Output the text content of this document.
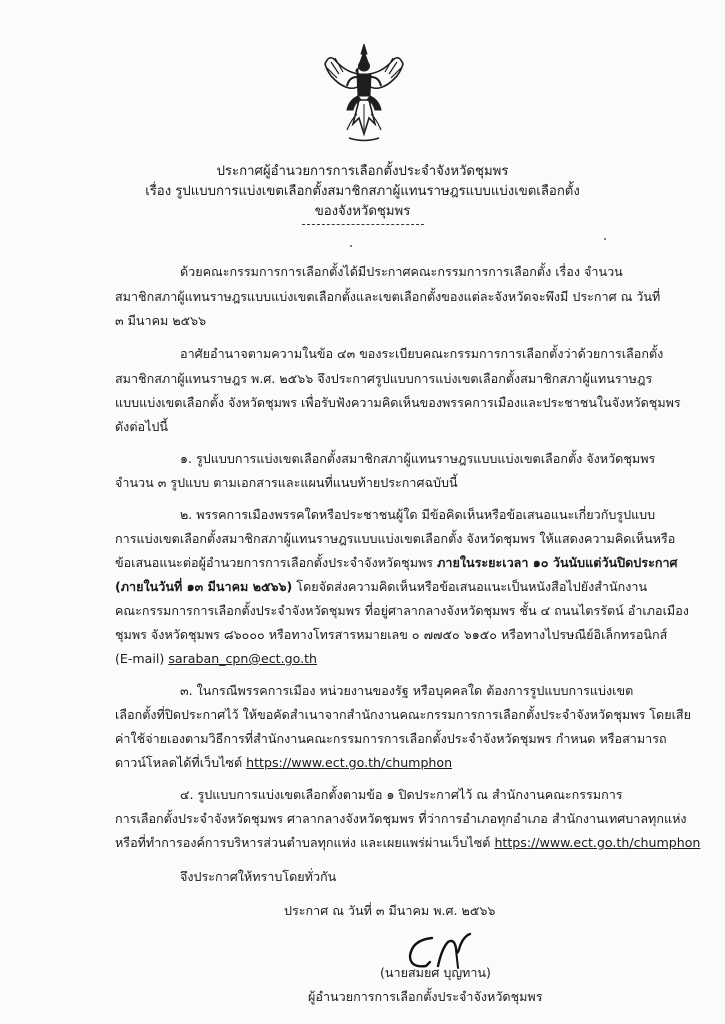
ประกาศผู้อำนวยการการเลือกตั้งประจำจังหวัดชุมพร
เรื่อง รูปแบบการแบ่งเขตเลือกตั้งสมาชิกสภาผู้แทนราษฎรแบบแบ่งเขตเลือกตั้ง
ของจังหวัดชุมพร
ด้วยคณะกรรมการการเลือกตั้งได้มีประกาศคณะกรรมการการเลือกตั้ง เรื่อง จำนวน
สมาชิกสภาผู้แทนราษฎรแบบแบ่งเขตเลือกตั้งและเขตเลือกตั้งของแต่ละจังหวัดจะพึงมี ประกาศ ณ วันที่
๓ มีนาคม ๒๕๖๖
อาศัยอำนาจตามความในข้อ ๔๓ ของระเบียบคณะกรรมการการเลือกตั้งว่าด้วยการเลือกตั้ง
สมาชิกสภาผู้แทนราษฎร พ.ศ. ๒๕๖๖ จึงประกาศรูปแบบการแบ่งเขตเลือกตั้งสมาชิกสภาผู้แทนราษฎร
แบบแบ่งเขตเลือกตั้ง จังหวัดชุมพร เพื่อรับฟังความคิดเห็นของพรรคการเมืองและประชาชนในจังหวัดชุมพร
ดังต่อไปนี้
๑. รูปแบบการแบ่งเขตเลือกตั้งสมาชิกสภาผู้แทนราษฎรแบบแบ่งเขตเลือกตั้ง จังหวัดชุมพร
จำนวน ๓ รูปแบบ ตามเอกสารและแผนที่แนบท้ายประกาศฉบับนี้
๒. พรรคการเมืองพรรคใดหรือประชาชนผู้ใด มีข้อคิดเห็นหรือข้อเสนอแนะเกี่ยวกับรูปแบบ
การแบ่งเขตเลือกตั้งสมาชิกสภาผู้แทนราษฎรแบบแบ่งเขตเลือกตั้ง จังหวัดชุมพร ให้แสดงความคิดเห็นหรือ
ข้อเสนอแนะต่อผู้อำนวยการการเลือกตั้งประจำจังหวัดชุมพร ภายในระยะเวลา ๑๐ วันนับแต่วันปิดประกาศ
(ภายในวันที่ ๑๓ มีนาคม ๒๕๖๖) โดยจัดส่งความคิดเห็นหรือข้อเสนอแนะเป็นหนังสือไปยังสำนักงาน
คณะกรรมการการเลือกตั้งประจำจังหวัดชุมพร ที่อยู่ศาลากลางจังหวัดชุมพร ชั้น ๔ ถนนไตรรัตน์ อำเภอเมือง
ชุมพร จังหวัดชุมพร ๘๖๐๐๐ หรือทางโทรสารหมายเลข ๐ ๗๗๕๐ ๖๑๕๐ หรือทางไปรษณีย์อิเล็กทรอนิกส์
(E-mail) saraban_cpn@ect.go.th
๓. ในกรณีพรรคการเมือง หน่วยงานของรัฐ หรือบุคคลใด ต้องการรูปแบบการแบ่งเขต
เลือกตั้งที่ปิดประกาศไว้ ให้ขอคัดสำเนาจากสำนักงานคณะกรรมการการเลือกตั้งประจำจังหวัดชุมพร โดยเสีย
ค่าใช้จ่ายเองตามวิธีการที่สำนักงานคณะกรรมการการเลือกตั้งประจำจังหวัดชุมพร กำหนด หรือสามารถ
ดาวน์โหลดได้ที่เว็บไซต์ https://www.ect.go.th/chumphon
๔. รูปแบบการแบ่งเขตเลือกตั้งตามข้อ ๑ ปิดประกาศไว้ ณ สำนักงานคณะกรรมการ
การเลือกตั้งประจำจังหวัดชุมพร ศาลากลางจังหวัดชุมพร ที่ว่าการอำเภอทุกอำเภอ สำนักงานเทศบาลทุกแห่ง
หรือที่ทำการองค์การบริหารส่วนตำบลทุกแห่ง และเผยแพร่ผ่านเว็บไซต์ https://www.ect.go.th/chumphon
จึงประกาศให้ทราบโดยทั่วกัน
ประกาศ ณ วันที่ ๓ มีนาคม พ.ศ. ๒๕๖๖
(นายสมยศ บุญทาน)
ผู้อำนวยการการเลือกตั้งประจำจังหวัดชุมพร
